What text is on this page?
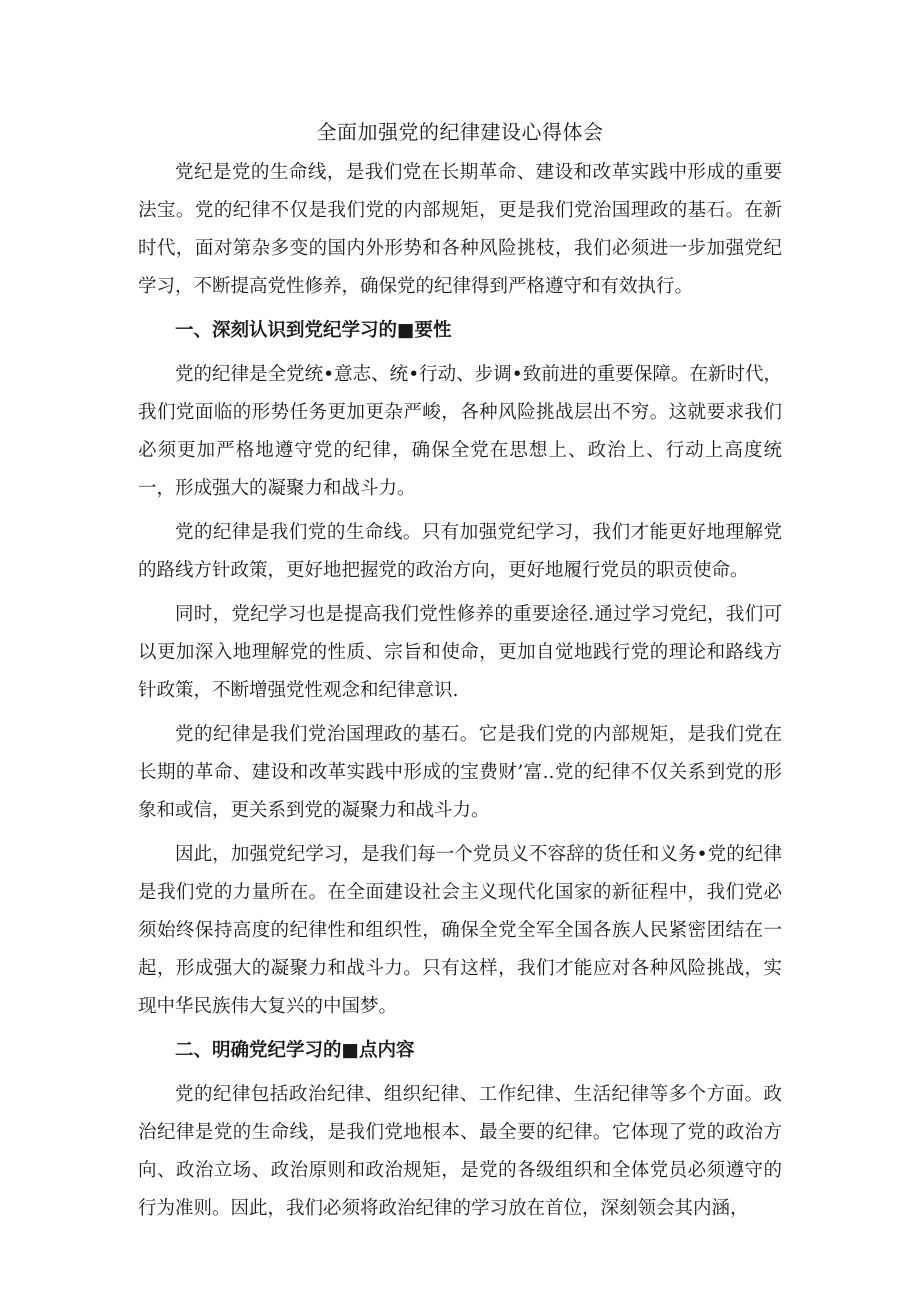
全面加强党的纪律建设心得体会

党纪是党的生命线，是我们党在长期革命、建设和改革实践中形成的重要法宝。党的纪律不仅是我们党的内部规矩，更是我们党治国理政的基石。在新时代，面对第杂多变的国内外形势和各种风险挑枝，我们必须进一步加强党纪学习，不断提高党性修养，确保党的纪律得到严格遵守和有效执行。

一、深刻认识到党纪学习的■要性

党的纪律是全党统•意志、统•行动、步调•致前进的重要保障。在新时代，我们党面临的形势任务更加更杂严峻，各种风险挑战层出不穷。这就要求我们必须更加严格地遵守党的纪律，确保全党在思想上、政治上、行动上高度统一，形成强大的凝聚力和战斗力。

党的纪律是我们党的生命线。只有加强党纪学习，我们才能更好地理解党的路线方针政策，更好地把握党的政治方向，更好地履行党员的职贡使命。

同时，党纪学习也是提高我们党性修养的重要途径.通过学习党纪，我们可以更加深入地理解党的性质、宗旨和使命，更加自觉地践行党的理论和路线方针政策，不断增强党性观念和纪律意识.

党的纪律是我们党治国理政的基石。它是我们党的内部规矩，是我们党在长期的革命、建设和改革实践中形成的宝费财’富..党的纪律不仅关系到党的形象和或信，更关系到党的凝聚力和战斗力。

因此，加强党纪学习，是我们每一个党员义不容辞的货任和义务•党的纪律是我们党的力量所在。在全面建设社会主义现代化国家的新征程中，我们党必须始终保持高度的纪律性和组织性，确保全党全军全国各族人民紧密团结在一起，形成强大的凝聚力和战斗力。只有这样，我们才能应对各种风险挑战，实现中华民族伟大复兴的中国梦。

二、明确党纪学习的■点内容

党的纪律包括政治纪律、组织纪律、工作纪律、生活纪律等多个方面。政治纪律是党的生命线，是我们党地根本、最全要的纪律。它体现了党的政治方向、政治立场、政治原则和政治规矩，是党的各级组织和全体党员必须遵守的行为准则。因此，我们必须将政治纪律的学习放在首位，深刻领会其内涵，
